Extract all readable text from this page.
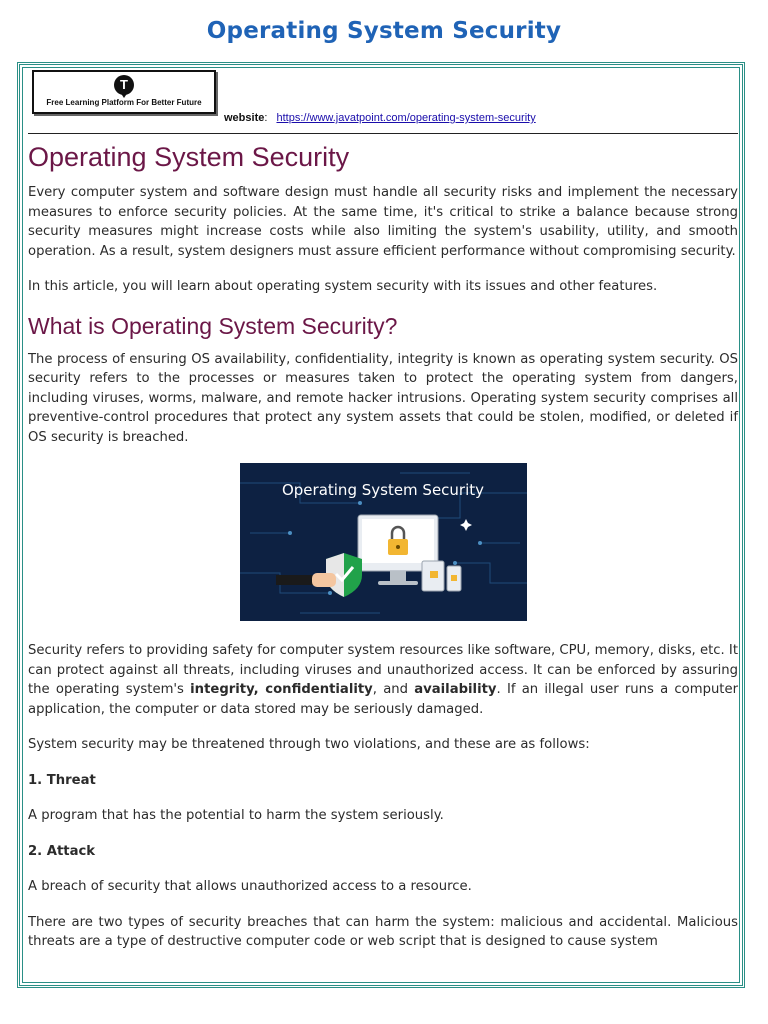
Operating System Security
T
Free Learning Platform For Better Future
website: https://www.javatpoint.com/operating-system-security
Operating System Security

Every computer system and software design must handle all security risks and implement the necessary measures to enforce security policies. At the same time, it's critical to strike a balance because strong security measures might increase costs while also limiting the system's usability, utility, and smooth operation. As a result, system designers must assure efficient performance without compromising security.

In this article, you will learn about operating system security with its issues and other features.

What is Operating System Security?

The process of ensuring OS availability, confidentiality, integrity is known as operating system security. OS security refers to the processes or measures taken to protect the operating system from dangers, including viruses, worms, malware, and remote hacker intrusions. Operating system security comprises all preventive-control procedures that protect any system assets that could be stolen, modified, or deleted if OS security is breached.

Operating System Security

Security refers to providing safety for computer system resources like software, CPU, memory, disks, etc. It can protect against all threats, including viruses and unauthorized access. It can be enforced by assuring the operating system's integrity, confidentiality, and availability. If an illegal user runs a computer application, the computer or data stored may be seriously damaged.

System security may be threatened through two violations, and these are as follows:

1. Threat

A program that has the potential to harm the system seriously.

2. Attack

A breach of security that allows unauthorized access to a resource.

There are two types of security breaches that can harm the system: malicious and accidental. Malicious threats are a type of destructive computer code or web script that is designed to cause system
